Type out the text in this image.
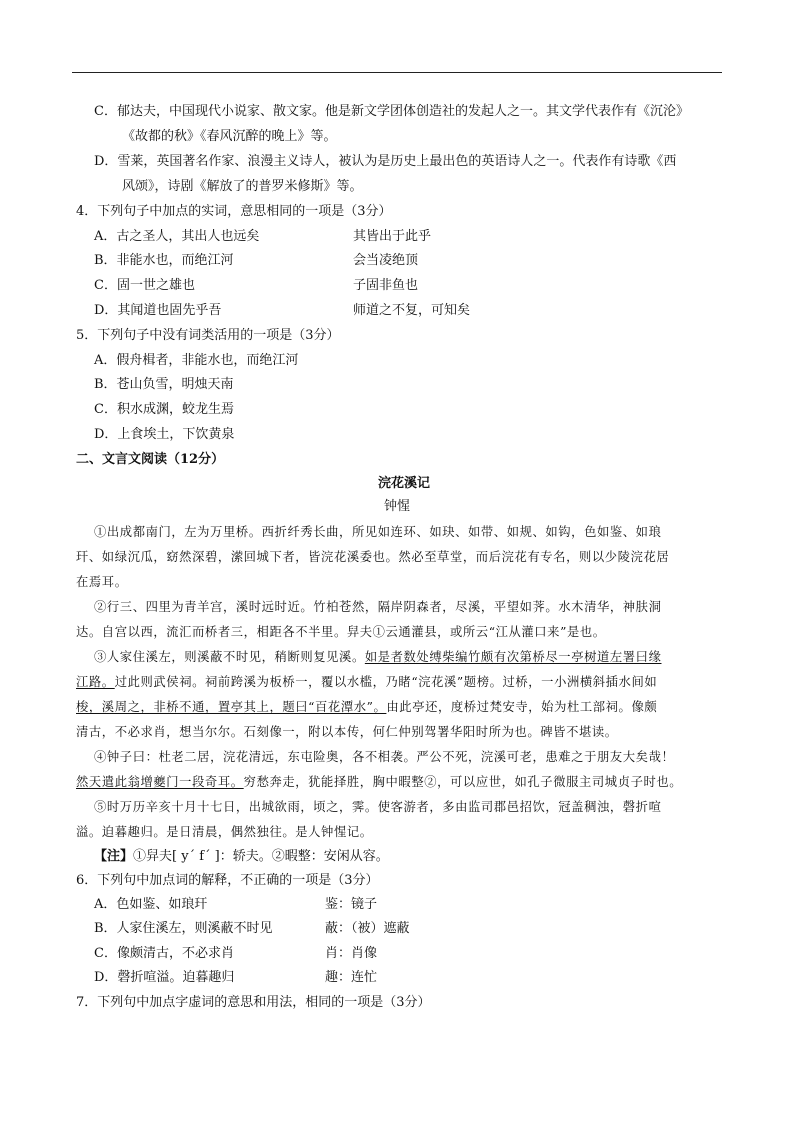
C．郁达夫，中国现代小说家、散文家。他是新文学团体创造社的发起人之一。其文学代表作有《沉沦》
《故都的秋》《春风沉醉的晚上》等。
D．雪莱，英国著名作家、浪漫主义诗人，被认为是历史上最出色的英语诗人之一。代表作有诗歌《西
风颂》，诗剧《解放了的普罗米修斯》等。
4．下列句子中加点的实词，意思相同的一项是（3分）
A．古之圣人，其出人也远矣	其皆出于此乎
B．非能水也，而绝江河	会当凌绝顶
C．固一世之雄也	子固非鱼也
D．其闻道也固先乎吾	师道之不复，可知矣
5．下列句子中没有词类活用的一项是（3分）
A．假舟楫者，非能水也，而绝江河
B．苍山负雪，明烛天南
C．积水成渊，蛟龙生焉
D．上食埃土，下饮黄泉
二、文言文阅读（12分）
浣花溪记
钟惺
①出成都南门，左为万里桥。西折纤秀长曲，所见如连环、如玦、如带、如规、如钩，色如鉴、如琅
玕、如绿沉瓜，窈然深碧，潆回城下者，皆浣花溪委也。然必至草堂，而后浣花有专名，则以少陵浣花居
在焉耳。
②行三、四里为青羊宫，溪时远时近。竹柏苍然，隔岸阴森者，尽溪，平望如荠。水木清华，神肤洞
达。自宫以西，流汇而桥者三，相距各不半里。舁夫①云通灌县，或所云“江从灌口来”是也。
③人家住溪左，则溪蔽不时见，稍断则复见溪。如是者数处缚柴编竹颇有次第桥尽一亭树道左署曰缘
江路。过此则武侯祠。祠前跨溪为板桥一，覆以水槛，乃睹“浣花溪”题榜。过桥，一小洲横斜插水间如
梭，溪周之，非桥不通，置亭其上，题曰“百花潭水”。由此亭还，度桥过梵安寺，始为杜工部祠。像颇
清古，不必求肖，想当尔尔。石刻像一，附以本传，何仁仲别驾署华阳时所为也。碑皆不堪读。
④钟子曰：杜老二居，浣花清远，东屯险奥，各不相袭。严公不死，浣溪可老，患难之于朋友大矣哉！
然天遣此翁增夔门一段奇耳。穷愁奔走，犹能择胜，胸中暇整②，可以应世，如孔子微服主司城贞子时也。
⑤时万历辛亥十月十七日，出城欲雨，顷之，霁。使客游者，多由监司郡邑招饮，冠盖稠浊，磬折喧
溢。迫暮趣归。是日清晨，偶然独往。是人钟惺记。
【注】①舁夫[ yˊ fˊ ]：轿夫。②暇整：安闲从容。
6．下列句中加点词的解释，不正确的一项是（3分）
A．色如鉴、如琅玕	鉴：镜子
B．人家住溪左，则溪蔽不时见	蔽：（被）遮蔽
C．像颇清古，不必求肖	肖：肖像
D．磬折喧溢。迫暮趣归	趣：连忙
7．下列句中加点字虚词的意思和用法，相同的一项是（3分）
